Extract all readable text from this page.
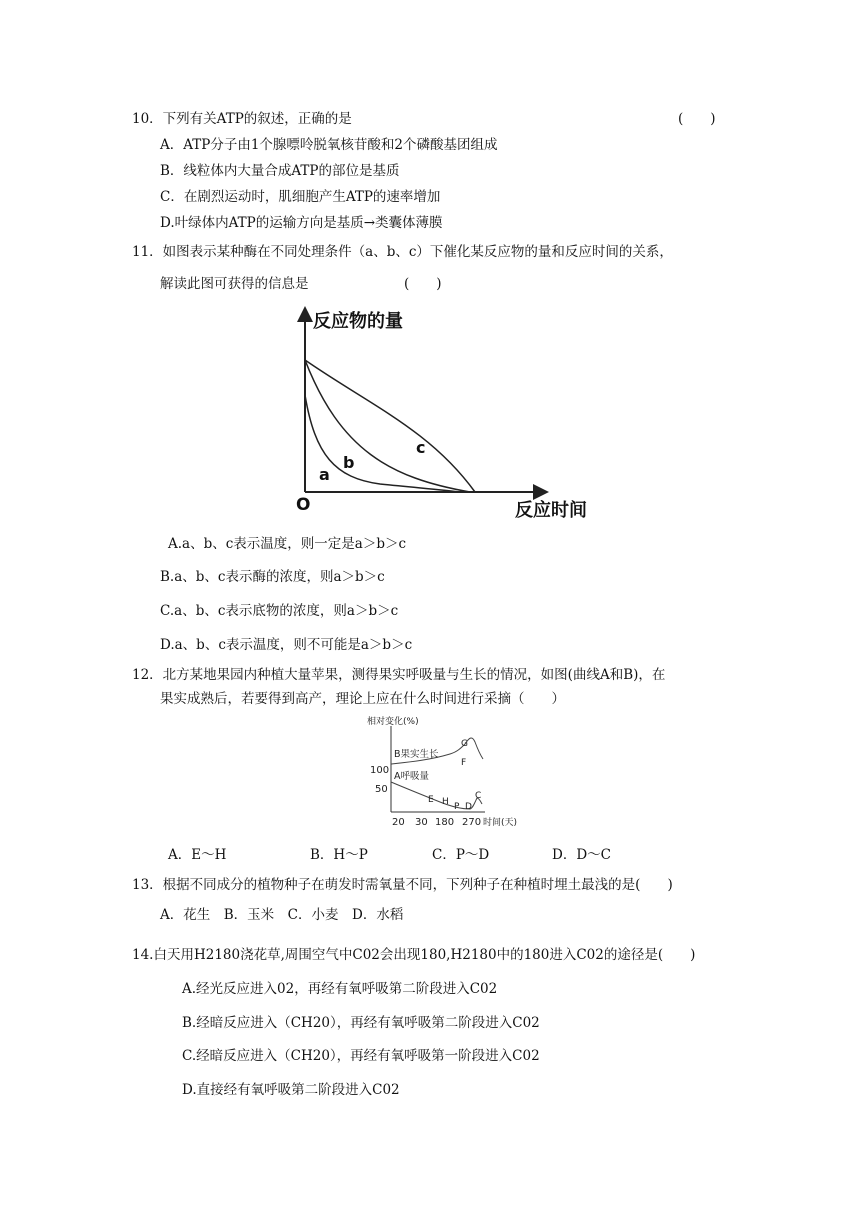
10．下列有关ATP的叙述，正确的是	(　　)
A．ATP分子由1个腺嘌呤脱氧核苷酸和2个磷酸基团组成
B．线粒体内大量合成ATP的部位是基质
C．在剧烈运动时，肌细胞产生ATP的速率增加
D.叶绿体内ATP的运输方向是基质→类囊体薄膜
11．如图表示某种酶在不同处理条件（a、b、c）下催化某反应物的量和反应时间的关系，
解读此图可获得的信息是	(　　)
反应物的量
反应时间
O
a
b
c
A.a、b、c表示温度，则一定是a＞b＞c
B.a、b、c表示酶的浓度，则a＞b＞c
C.a、b、c表示底物的浓度，则a＞b＞c
D.a、b、c表示温度，则不可能是a＞b＞c
12．北方某地果园内种植大量苹果，测得果实呼吸量与生长的情况，如图(曲线A和B)，在
果实成熟后，若要得到高产，理论上应在什么时间进行采摘（　　）
相对变化(%)
时间(天)
100
50
20 30 180 270
B果实生长
A呼吸量
G
F
E H P D
C
A．E～H	B．H～P	C．P～D	D．D～C
13．根据不同成分的植物种子在萌发时需氧量不同，下列种子在种植时埋土最浅的是(　　)
A．花生　B．玉米　C．小麦　D．水稻
14.白天用H2180浇花草,周围空气中C02会出现180,H2180中的180进入C02的途径是(　　)
A.经光反应进入02，再经有氧呼吸第二阶段进入C02
B.经暗反应进入（CH20），再经有氧呼吸第二阶段进入C02
C.经暗反应进入（CH20），再经有氧呼吸第一阶段进入C02
D.直接经有氧呼吸第二阶段进入C02
